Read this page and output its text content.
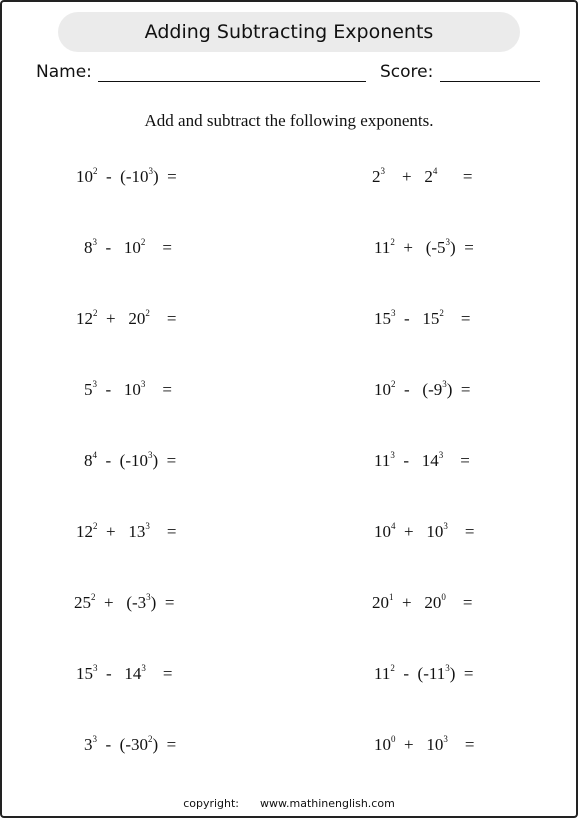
Adding Subtracting Exponents
Name:	Score:
Add and subtract the following exponents.
$10^2 - (-10^3)$  =
$8^3 - 10^2$    =
$12^2 + 20^2$    =
$5^3 - 10^3$    =
$8^4 - (-10^3)$  =
$12^2 + 13^3$    =
$25^2 + (-3^3)$  =
$15^3 - 14^3$    =
$3^3 - (-30^2)$  =
$2^3$    +   $2^4$      =
$11^2 + (-5^3)$  =
$15^3 - 15^2$    =
$10^2 - (-9^3)$  =
$11^3 - 14^3$    =
$10^4 + 10^3$    =
$20^1 + 20^0$    =
$11^2 - (-11^3)$  =
$10^0 + 10^3$    =
copyright: www.mathinenglish.com
